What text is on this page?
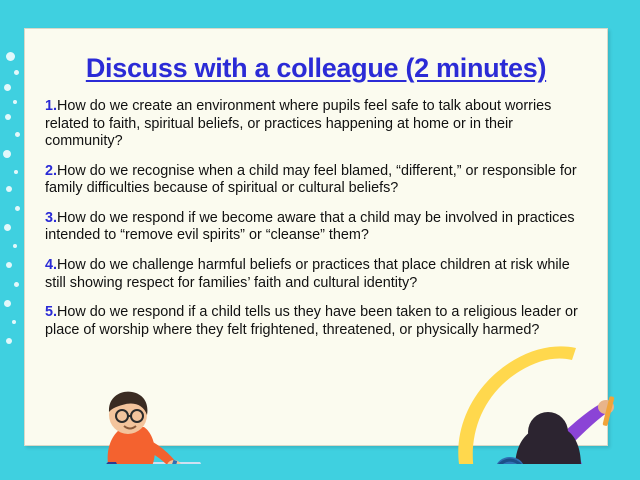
Discuss with a colleague (2 minutes)

1.How do we create an environment where pupils feel safe to talk about worries related to faith, spiritual beliefs, or practices happening at home or in their community?

2.How do we recognise when a child may feel blamed, “different,” or responsible for family difficulties because of spiritual or cultural beliefs?

3.How do we respond if we become aware that a child may be involved in practices intended to “remove evil spirits” or “cleanse” them?

4.How do we challenge harmful beliefs or practices that place children at risk while still showing respect for families’ faith and cultural identity?

5.How do we respond if a child tells us they have been taken to a religious leader or place of worship where they felt frightened, threatened, or physically harmed?
